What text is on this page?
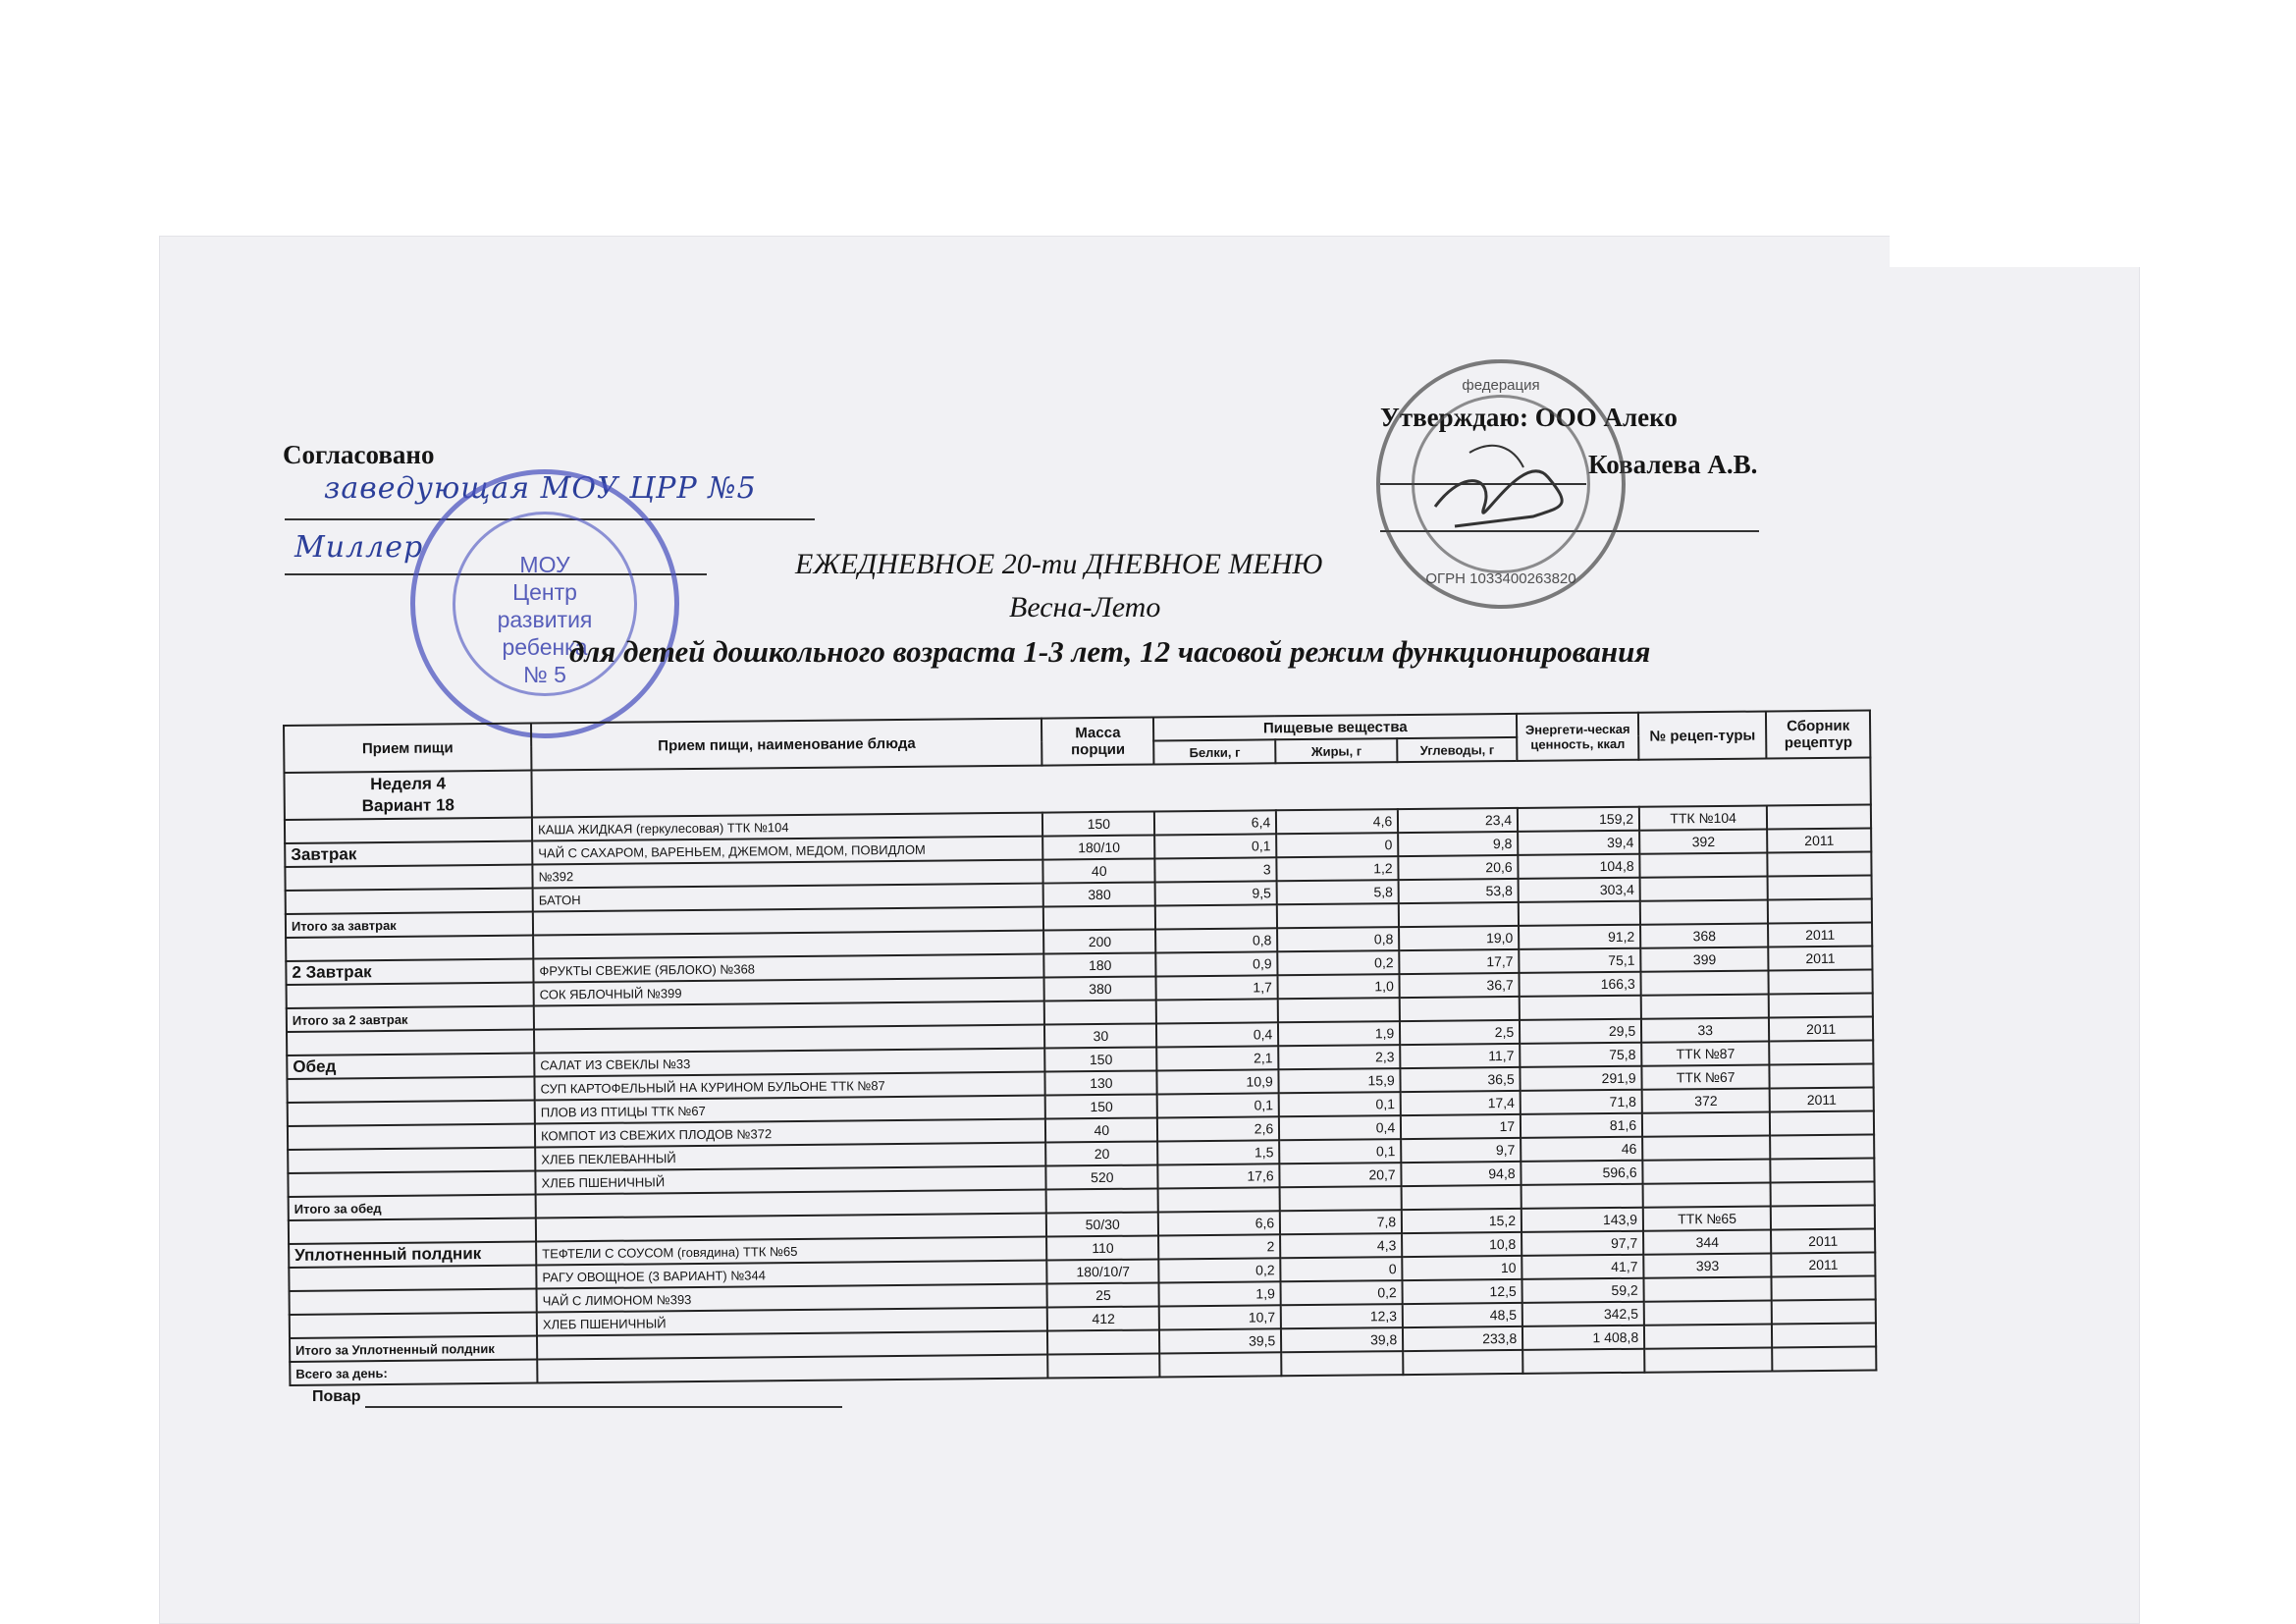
Согласовано
заведующая МОУ ЦРР №5
Миллер	МОУ
Центр
развития
ребенка
№ 5
Утверждаю: ООО Алеко
Ковалева А.В.
федерация
ОГРН 1033400263820
ЕЖЕДНЕВНОЕ 20-ти ДНЕВНОЕ МЕНЮ
Весна-Лето
для детей дошкольного возраста 1-3 лет, 12 часовой режим функционирования
Прием пищи	Прием пищи, наименование блюда	Масса порции	Пищевые вещества			Энергети-ческая ценность, ккал	№ рецеп-туры	Сборник рецептур
			Белки, г	Жиры, г	Углеводы, г			

Неделя 4
Вариант 18								

	КАША ЖИДКАЯ (геркулесовая) ТТК №104	150	6,4	4,6	23,4	159,2	ТТК №104	
Завтрак	ЧАЙ С САХАРОМ, ВАРЕНЬЕМ, ДЖЕМОМ, МЕДОМ, ПОВИДЛОМ	180/10	0,1	0	9,8	39,4	392	2011
	№392	40	3	1,2	20,6	104,8		
	БАТОН	380	9,5	5,8	53,8	303,4		
Итого за завтрак								
		200	0,8	0,8	19,0	91,2	368	2011
2 Завтрак	ФРУКТЫ СВЕЖИЕ (ЯБЛОКО) №368	180	0,9	0,2	17,7	75,1	399	2011
	СОК ЯБЛОЧНЫЙ №399	380	1,7	1,0	36,7	166,3		
Итого за 2 завтрак								
		30	0,4	1,9	2,5	29,5	33	2011
Обед	САЛАТ ИЗ СВЕКЛЫ №33	150	2,1	2,3	11,7	75,8	ТТК №87	
	СУП КАРТОФЕЛЬНЫЙ НА КУРИНОМ БУЛЬОНЕ ТТК №87	130	10,9	15,9	36,5	291,9	ТТК №67	
	ПЛОВ ИЗ ПТИЦЫ ТТК №67	150	0,1	0,1	17,4	71,8	372	2011
	КОМПОТ ИЗ СВЕЖИХ ПЛОДОВ №372	40	2,6	0,4	17	81,6		
	ХЛЕБ ПЕКЛЕВАННЫЙ	20	1,5	0,1	9,7	46		
	ХЛЕБ ПШЕНИЧНЫЙ	520	17,6	20,7	94,8	596,6		
Итого за обед								
		50/30	6,6	7,8	15,2	143,9	ТТК №65	
Уплотненный полдник	ТЕФТЕЛИ С СОУСОМ (говядина) ТТК №65	110	2	4,3	10,8	97,7	344	2011
	РАГУ ОВОЩНОЕ (3 ВАРИАНТ) №344	180/10/7	0,2	0	10	41,7	393	2011
	ЧАЙ С ЛИМОНОМ №393	25	1,9	0,2	12,5	59,2		
	ХЛЕБ ПШЕНИЧНЫЙ	412	10,7	12,3	48,5	342,5		
Итого за Уплотненный полдник			39,5	39,8	233,8	1 408,8		
Всего за день:								
Повар
